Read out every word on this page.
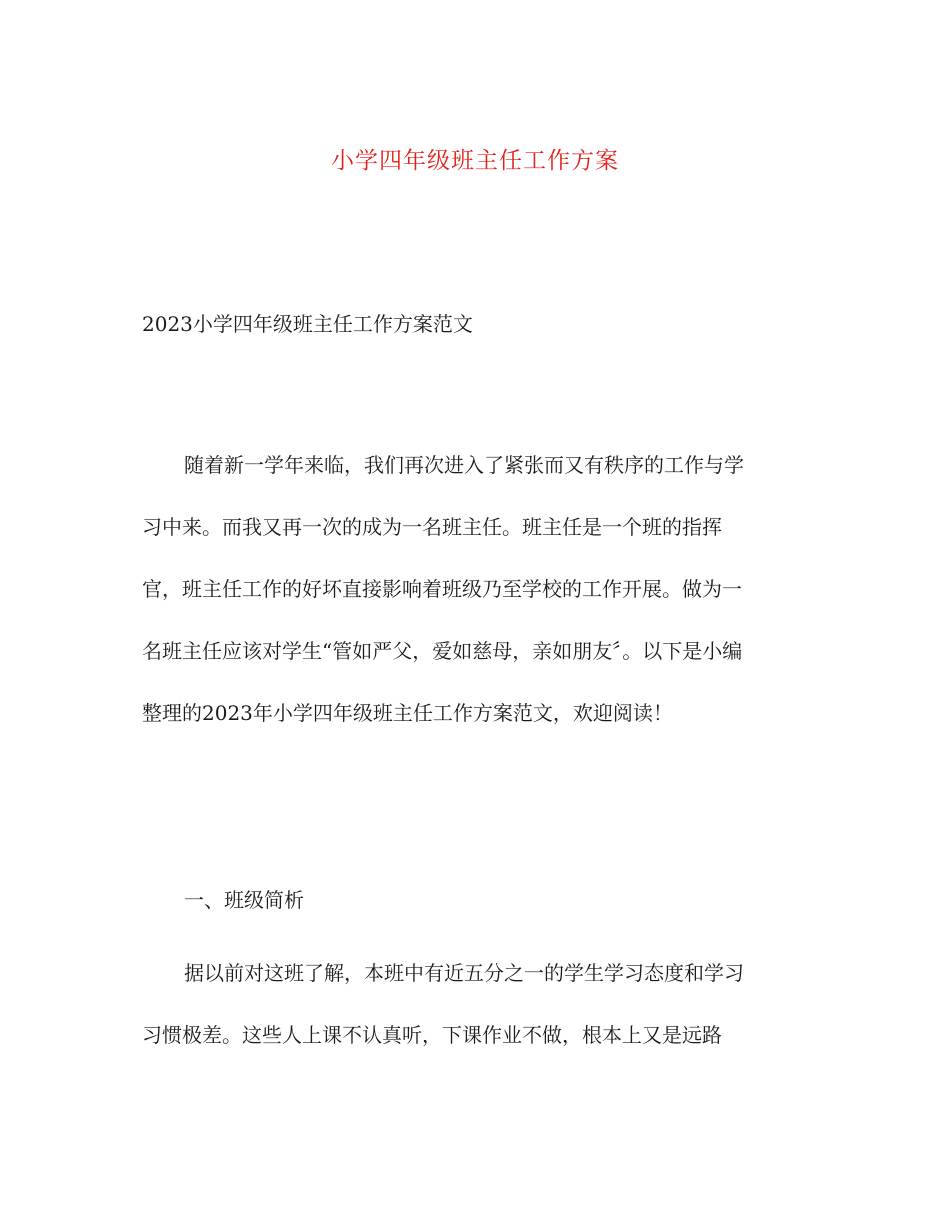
小学四年级班主任工作方案

2023小学四年级班主任工作方案范文

随着新一学年来临，我们再次进入了紧张而又有秩序的工作与学
习中来。而我又再一次的成为一名班主任。班主任是一个班的指挥
官，班主任工作的好坏直接影响着班级乃至学校的工作开展。做为一
名班主任应该对学生“管如严父，爱如慈母，亲如朋友〞。以下是小编
整理的2023年小学四年级班主任工作方案范文，欢迎阅读！

一、班级简析

据以前对这班了解，本班中有近五分之一的学生学习态度和学习
习惯极差。这些人上课不认真听，下课作业不做，根本上又是远路
